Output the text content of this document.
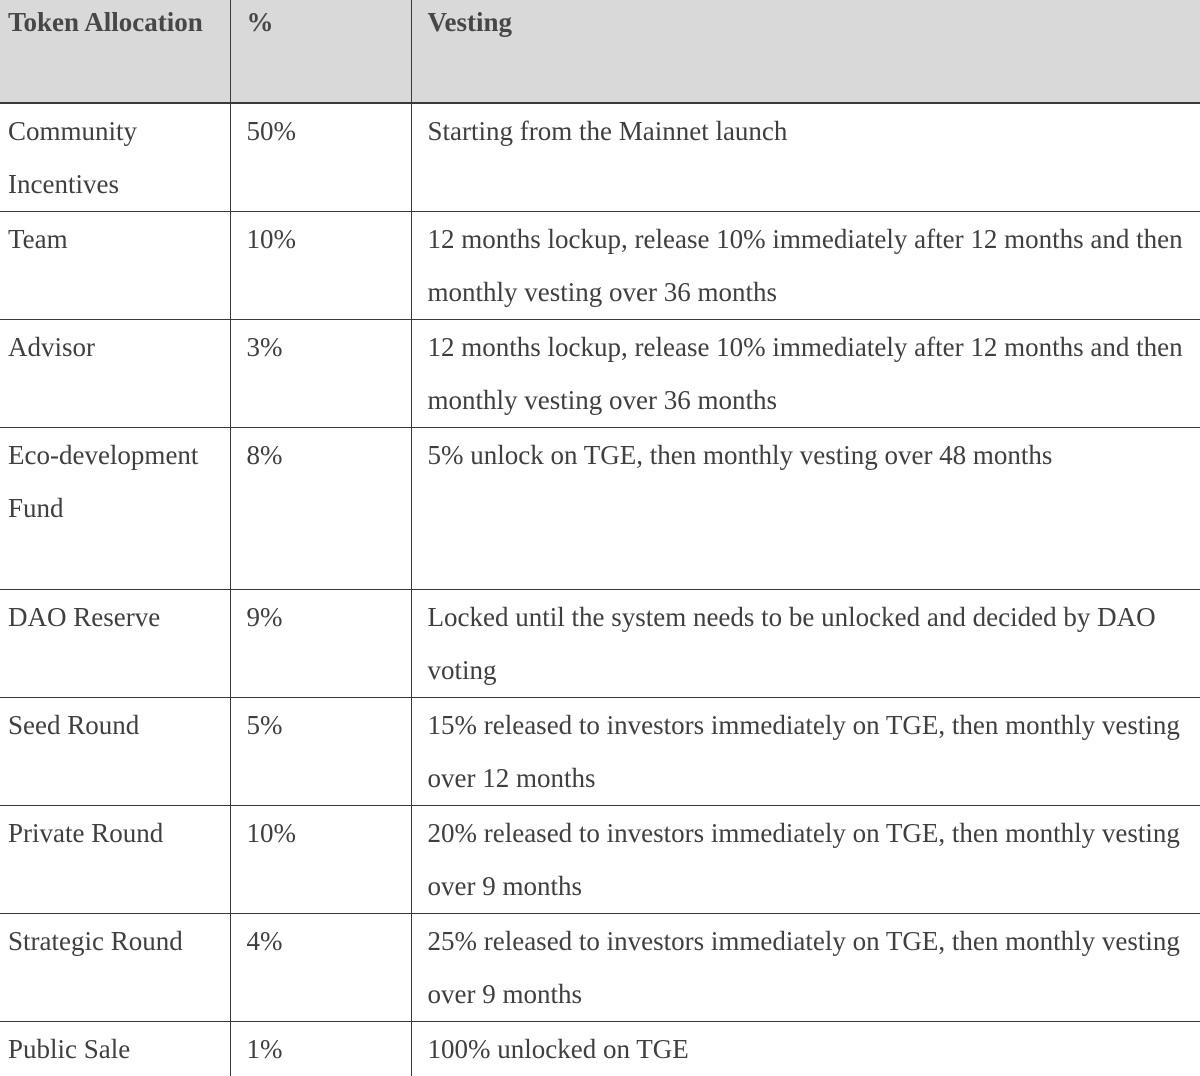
Token Allocation	%	Vesting

Community Incentives	50%	Starting from the Mainnet launch
Team	10%	12 months lockup, release 10% immediately after 12 months and then monthly vesting over 36 months
Advisor	3%	12 months lockup, release 10% immediately after 12 months and then monthly vesting over 36 months
Eco-development Fund	8%	5% unlock on TGE, then monthly vesting over 48 months
DAO Reserve	9%	Locked until the system needs to be unlocked and decided by DAO voting
Seed Round	5%	15% released to investors immediately on TGE, then monthly vesting over 12 months
Private Round	10%	20% released to investors immediately on TGE, then monthly vesting over 9 months
Strategic Round	4%	25% released to investors immediately on TGE, then monthly vesting over 9 months
Public Sale	1%	100% unlocked on TGE
